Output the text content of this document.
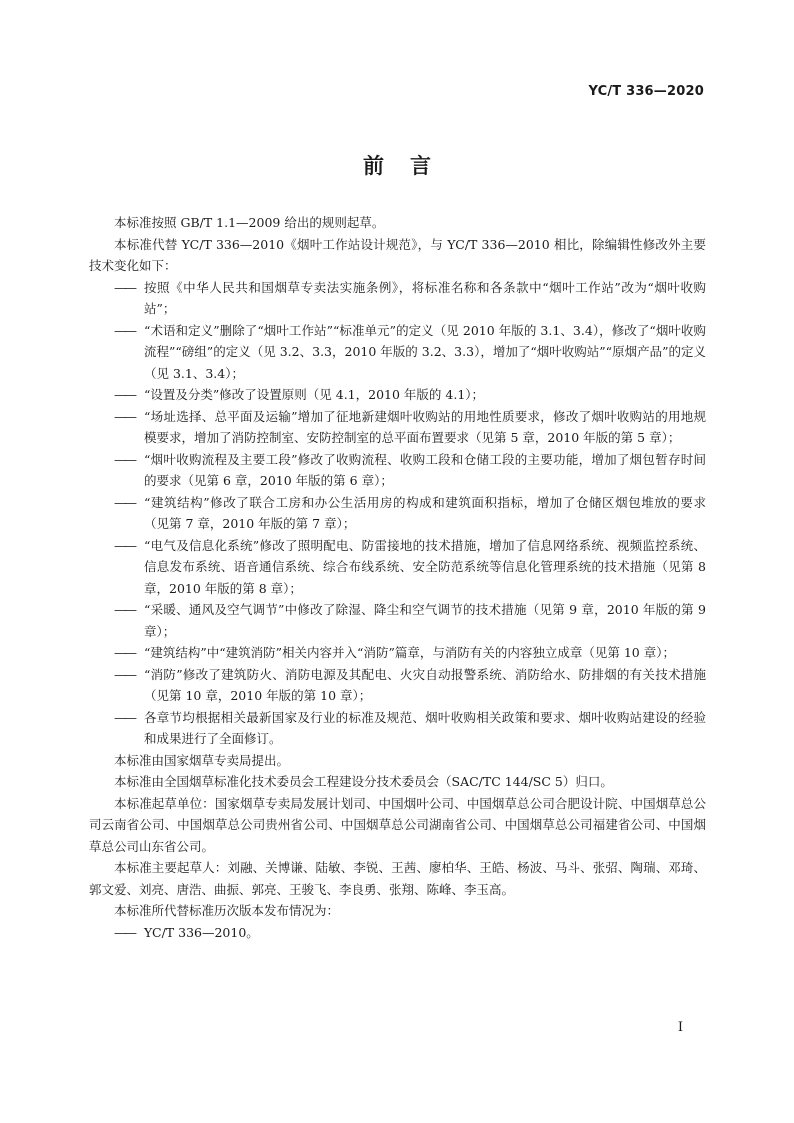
YC/T 336—2020
前 言

本标准按照 GB/T 1.1—2009 给出的规则起草。

本标准代替 YC/T 336—2010《烟叶工作站设计规范》，与 YC/T 336—2010 相比，除编辑性修改外主要技术变化如下：

—— 按照《中华人民共和国烟草专卖法实施条例》，将标准名称和各条款中“烟叶工作站”改为“烟叶收购站”；

—— “术语和定义”删除了“烟叶工作站”“标准单元”的定义（见 2010 年版的 3.1、3.4），修改了“烟叶收购流程”“磅组”的定义（见 3.2、3.3，2010 年版的 3.2、3.3），增加了“烟叶收购站”“原烟产品”的定义（见 3.1、3.4）；

—— “设置及分类”修改了设置原则（见 4.1，2010 年版的 4.1）；

—— “场址选择、总平面及运输”增加了征地新建烟叶收购站的用地性质要求，修改了烟叶收购站的用地规模要求，增加了消防控制室、安防控制室的总平面布置要求（见第 5 章，2010 年版的第 5 章）；

—— “烟叶收购流程及主要工段”修改了收购流程、收购工段和仓储工段的主要功能，增加了烟包暂存时间的要求（见第 6 章，2010 年版的第 6 章）；

—— “建筑结构”修改了联合工房和办公生活用房的构成和建筑面积指标，增加了仓储区烟包堆放的要求（见第 7 章，2010 年版的第 7 章）；

—— “电气及信息化系统”修改了照明配电、防雷接地的技术措施，增加了信息网络系统、视频监控系统、信息发布系统、语音通信系统、综合布线系统、安全防范系统等信息化管理系统的技术措施（见第 8 章，2010 年版的第 8 章）；

—— “采暖、通风及空气调节”中修改了除湿、降尘和空气调节的技术措施（见第 9 章，2010 年版的第 9 章）；

—— “建筑结构”中“建筑消防”相关内容并入“消防”篇章，与消防有关的内容独立成章（见第 10 章）；

—— “消防”修改了建筑防火、消防电源及其配电、火灾自动报警系统、消防给水、防排烟的有关技术措施（见第 10 章，2010 年版的第 10 章）；

—— 各章节均根据相关最新国家及行业的标准及规范、烟叶收购相关政策和要求、烟叶收购站建设的经验和成果进行了全面修订。

本标准由国家烟草专卖局提出。

本标准由全国烟草标准化技术委员会工程建设分技术委员会（SAC/TC 144/SC 5）归口。

本标准起草单位：国家烟草专卖局发展计划司、中国烟叶公司、中国烟草总公司合肥设计院、中国烟草总公司云南省公司、中国烟草总公司贵州省公司、中国烟草总公司湖南省公司、中国烟草总公司福建省公司、中国烟草总公司山东省公司。

本标准主要起草人：刘融、关博谦、陆敏、李锐、王茜、廖柏华、王皓、杨波、马斗、张弨、陶瑞、邓琦、郭文爱、刘亮、唐浩、曲振、郭亮、王骏飞、李良勇、张翔、陈峰、李玉高。

本标准所代替标准历次版本发布情况为：

—— YC/T 336—2010。

I
